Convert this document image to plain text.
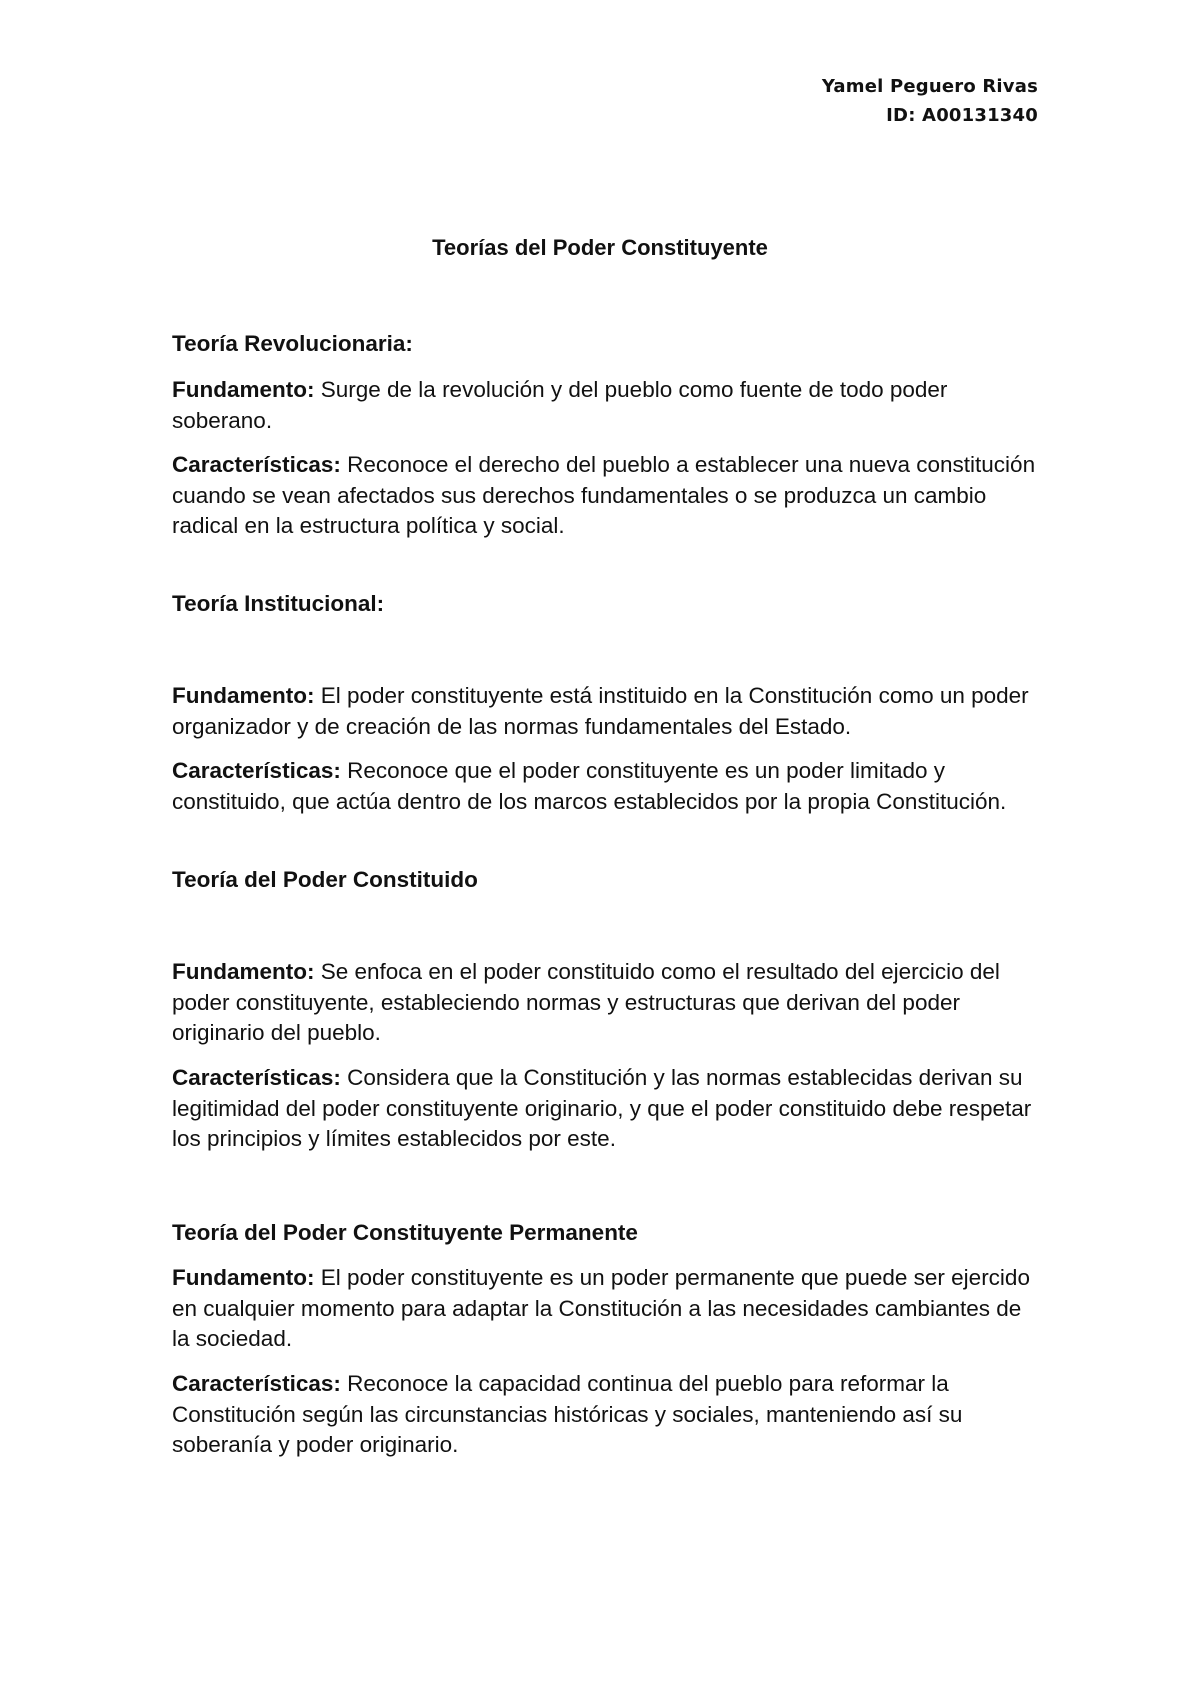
Yamel Peguero Rivas
ID: A00131340
Teorías del Poder Constituyente
Teoría Revolucionaria:

Fundamento: Surge de la revolución y del pueblo como fuente de todo poder soberano.

Características: Reconoce el derecho del pueblo a establecer una nueva constitución cuando se vean afectados sus derechos fundamentales o se produzca un cambio radical en la estructura política y social.

Teoría Institucional:

Fundamento: El poder constituyente está instituido en la Constitución como un poder organizador y de creación de las normas fundamentales del Estado.

Características: Reconoce que el poder constituyente es un poder limitado y constituido, que actúa dentro de los marcos establecidos por la propia Constitución.

Teoría del Poder Constituido

Fundamento: Se enfoca en el poder constituido como el resultado del ejercicio del poder constituyente, estableciendo normas y estructuras que derivan del poder originario del pueblo.

Características: Considera que la Constitución y las normas establecidas derivan su legitimidad del poder constituyente originario, y que el poder constituido debe respetar los principios y límites establecidos por este.

Teoría del Poder Constituyente Permanente

Fundamento: El poder constituyente es un poder permanente que puede ser ejercido en cualquier momento para adaptar la Constitución a las necesidades cambiantes de la sociedad.

Características: Reconoce la capacidad continua del pueblo para reformar la Constitución según las circunstancias históricas y sociales, manteniendo así su soberanía y poder originario.
